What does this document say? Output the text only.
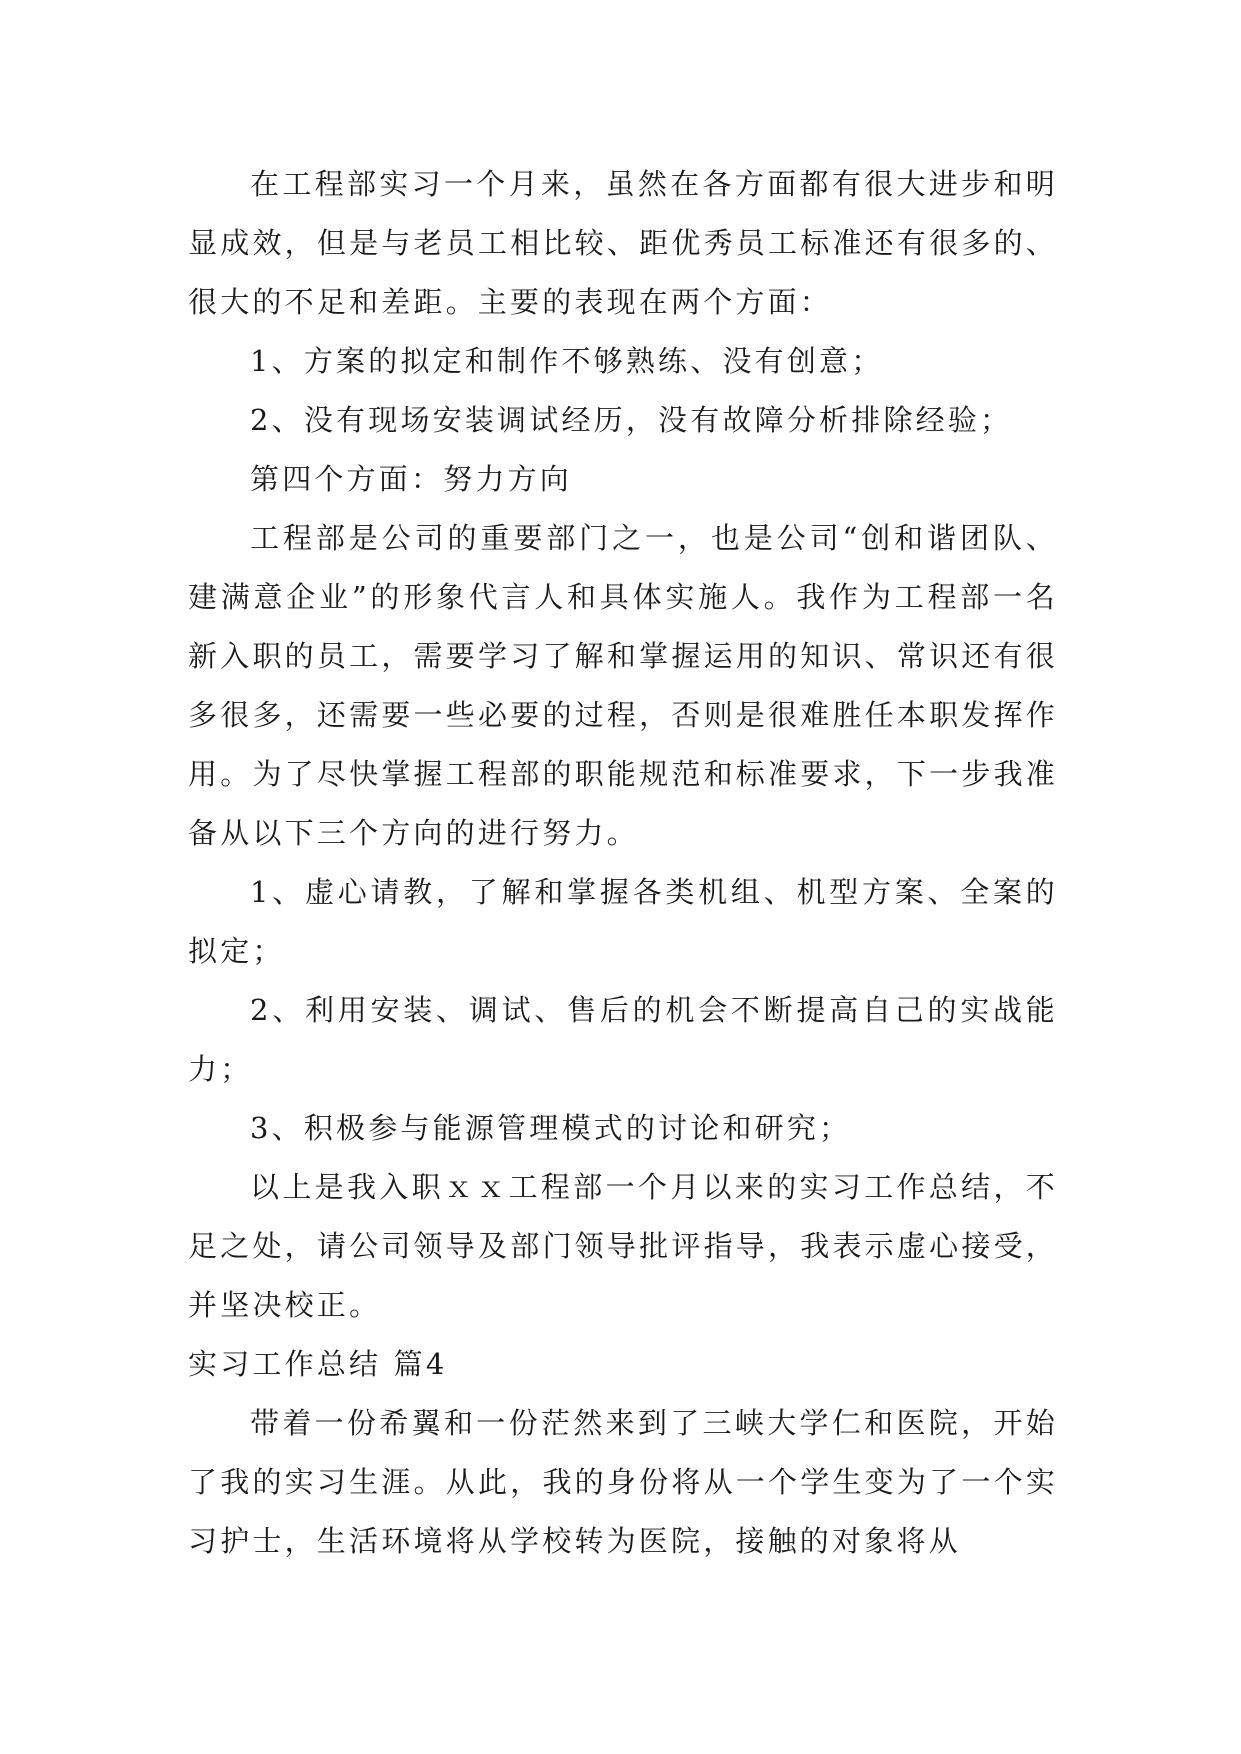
在工程部实习一个月来，虽然在各方面都有很大进步和明显成效，但是与老员工相比较、距优秀员工标准还有很多的、很大的不足和差距。主要的表现在两个方面：

1、方案的拟定和制作不够熟练、没有创意；

2、没有现场安装调试经历，没有故障分析排除经验；

第四个方面：努力方向

工程部是公司的重要部门之一，也是公司“创和谐团队、建满意企业”的形象代言人和具体实施人。我作为工程部一名新入职的员工，需要学习了解和掌握运用的知识、常识还有很多很多，还需要一些必要的过程，否则是很难胜任本职发挥作用。为了尽快掌握工程部的职能规范和标准要求，下一步我准备从以下三个方向的进行努力。

1、虚心请教，了解和掌握各类机组、机型方案、全案的拟定；

2、利用安装、调试、售后的机会不断提高自己的实战能力；

3、积极参与能源管理模式的讨论和研究；

以上是我入职ｘｘ工程部一个月以来的实习工作总结，不足之处，请公司领导及部门领导批评指导，我表示虚心接受，并坚决校正。

实习工作总结 篇4

带着一份希翼和一份茫然来到了三峡大学仁和医院，开始了我的实习生涯。从此，我的身份将从一个学生变为了一个实习护士，生活环境将从学校转为医院，接触的对象将从
